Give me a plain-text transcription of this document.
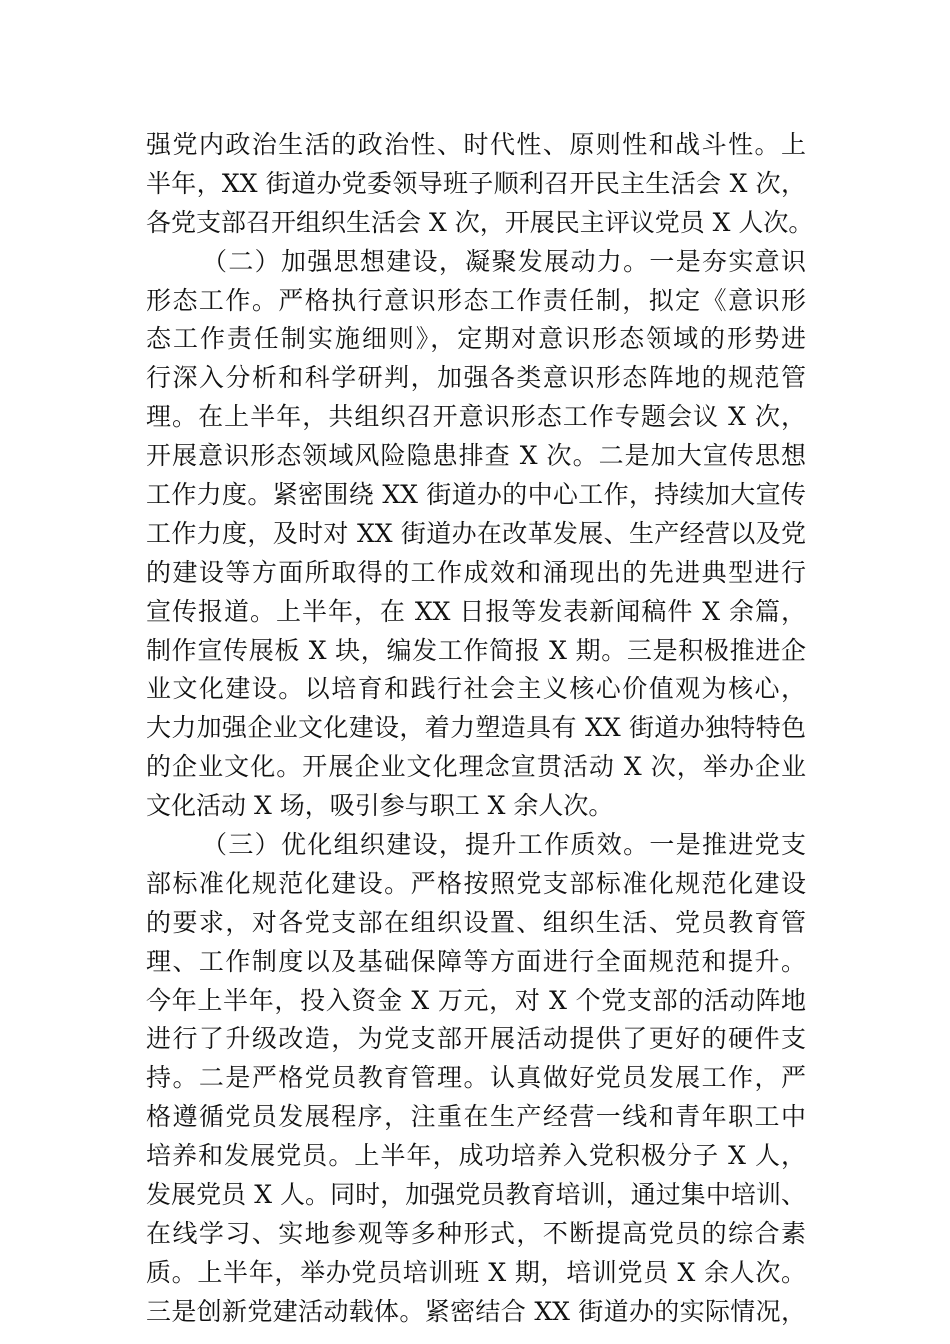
强党内政治生活的政治性、时代性、原则性和战斗性。上
半年，XX 街道办党委领导班子顺利召开民主生活会 X 次，
各党支部召开组织生活会 X 次，开展民主评议党员 X 人次。
（二）加强思想建设，凝聚发展动力。一是夯实意识
形态工作。严格执行意识形态工作责任制，拟定《意识形
态工作责任制实施细则》，定期对意识形态领域的形势进
行深入分析和科学研判，加强各类意识形态阵地的规范管
理。在上半年，共组织召开意识形态工作专题会议 X 次，
开展意识形态领域风险隐患排查 X 次。二是加大宣传思想
工作力度。紧密围绕 XX 街道办的中心工作，持续加大宣传
工作力度，及时对 XX 街道办在改革发展、生产经营以及党
的建设等方面所取得的工作成效和涌现出的先进典型进行
宣传报道。上半年，在 XX 日报等发表新闻稿件 X 余篇，
制作宣传展板 X 块，编发工作简报 X 期。三是积极推进企
业文化建设。以培育和践行社会主义核心价值观为核心，
大力加强企业文化建设，着力塑造具有 XX 街道办独特特色
的企业文化。开展企业文化理念宣贯活动 X 次，举办企业
文化活动 X 场，吸引参与职工 X 余人次。
（三）优化组织建设，提升工作质效。一是推进党支
部标准化规范化建设。严格按照党支部标准化规范化建设
的要求，对各党支部在组织设置、组织生活、党员教育管
理、工作制度以及基础保障等方面进行全面规范和提升。
今年上半年，投入资金 X 万元，对 X 个党支部的活动阵地
进行了升级改造，为党支部开展活动提供了更好的硬件支
持。二是严格党员教育管理。认真做好党员发展工作，严
格遵循党员发展程序，注重在生产经营一线和青年职工中
培养和发展党员。上半年，成功培养入党积极分子 X 人，
发展党员 X 人。同时，加强党员教育培训，通过集中培训、
在线学习、实地参观等多种形式，不断提高党员的综合素
质。上半年，举办党员培训班 X 期，培训党员 X 余人次。
三是创新党建活动载体。紧密结合 XX 街道办的实际情况，
